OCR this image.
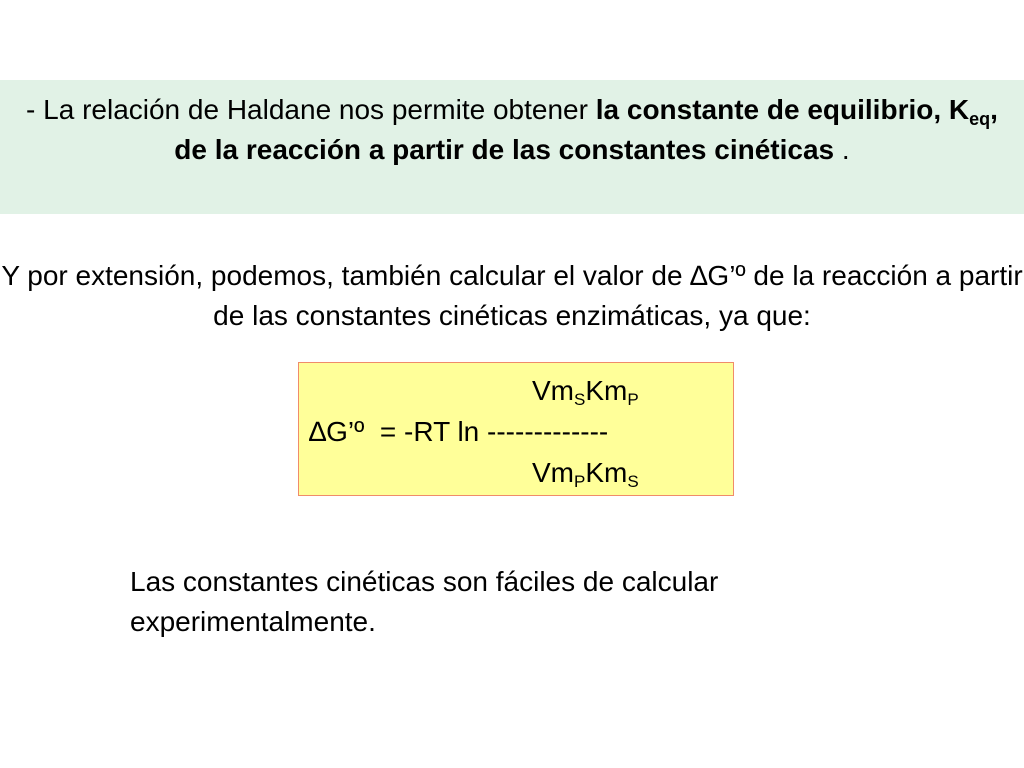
- La relación de Haldane nos permite obtener la constante de equilibrio, $K_{eq}$, de la reacción a partir de las constantes cinéticas .
Y por extensión, podemos, también calcular el valor de ∆G’º de la reacción a partir de las constantes cinéticas enzimáticas, ya que:
$Vm_SKm_P$
∆G’º  = -RT ln -------------
$Vm_PKm_S$
Las constantes cinéticas son fáciles de calcular experimentalmente.
